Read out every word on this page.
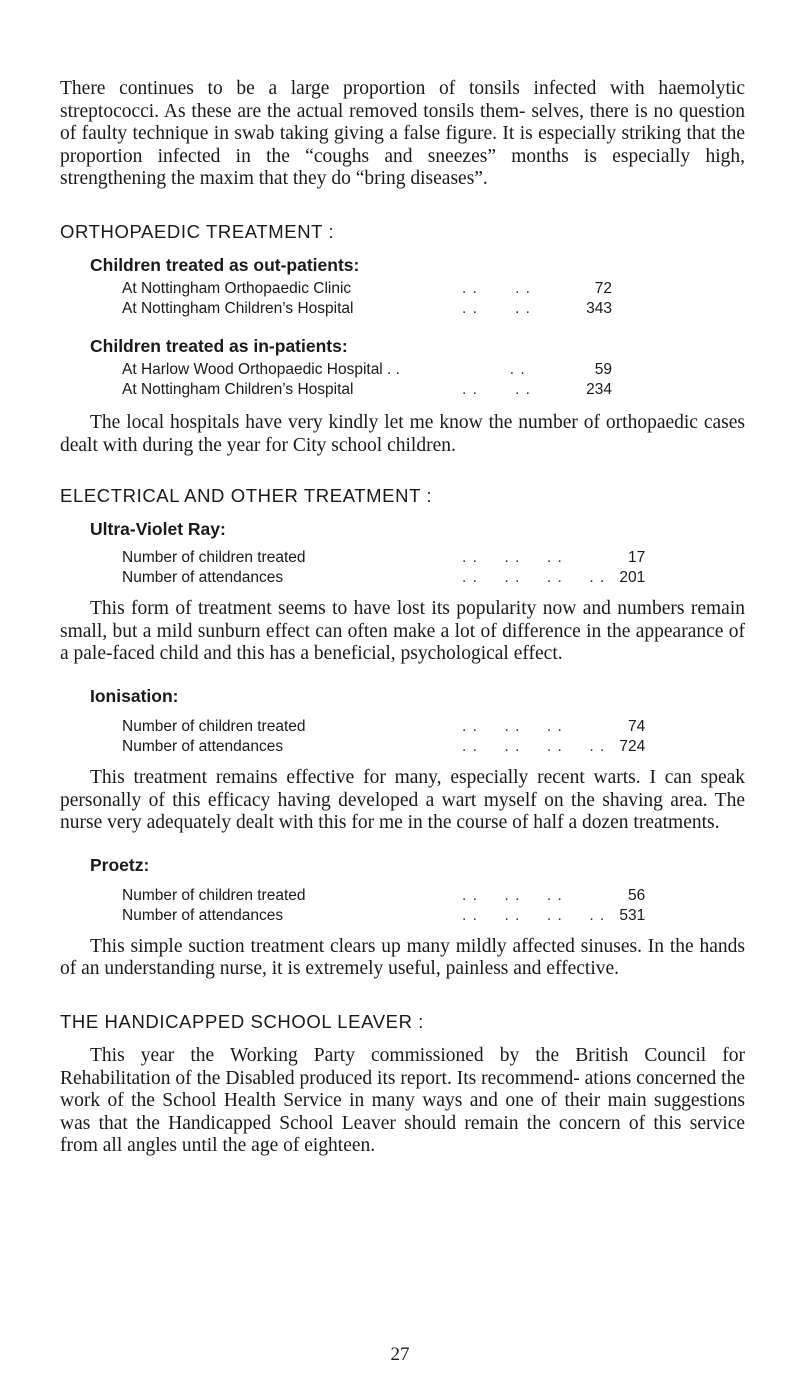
There continues to be a large proportion of tonsils infected with haemolytic streptococci. As these are the actual removed tonsils them- selves, there is no question of faulty technique in swab taking giving a false figure. It is especially striking that the proportion infected in the “coughs and sneezes” months is especially high, strengthening the maxim that they do “bring diseases”.

ORTHOPAEDIC TREATMENT :
Children treated as out-patients:
At Nottingham Orthopaedic Clinic	. .       . .	72
At Nottingham Children’s Hospital	. .       . .	343
Children treated as in-patients:
At Harlow Wood Orthopaedic Hospital . .	. .	59
At Nottingham Children’s Hospital	. .       . .	234

The local hospitals have very kindly let me know the number of orthopaedic cases dealt with during the year for City school children.

ELECTRICAL AND OTHER TREATMENT :
Ultra-Violet Ray:
Number of children treated	. .     . .     . .	17
Number of attendances	. .     . .     . .     . .	201

This form of treatment seems to have lost its popularity now and numbers remain small, but a mild sunburn effect can often make a lot of difference in the appearance of a pale-faced child and this has a beneficial, psychological effect.

Ionisation:
Number of children treated	. .     . .     . .	74
Number of attendances	. .     . .     . .     . .	724

This treatment remains effective for many, especially recent warts. I can speak personally of this efficacy having developed a wart myself on the shaving area. The nurse very adequately dealt with this for me in the course of half a dozen treatments.

Proetz:
Number of children treated	. .     . .     . .	56
Number of attendances	. .     . .     . .     . .	531

This simple suction treatment clears up many mildly affected sinuses. In the hands of an understanding nurse, it is extremely useful, painless and effective.

THE HANDICAPPED SCHOOL LEAVER :

This year the Working Party commissioned by the British Council for Rehabilitation of the Disabled produced its report. Its recommend- ations concerned the work of the School Health Service in many ways and one of their main suggestions was that the Handicapped School Leaver should remain the concern of this service from all angles until the age of eighteen.

27
